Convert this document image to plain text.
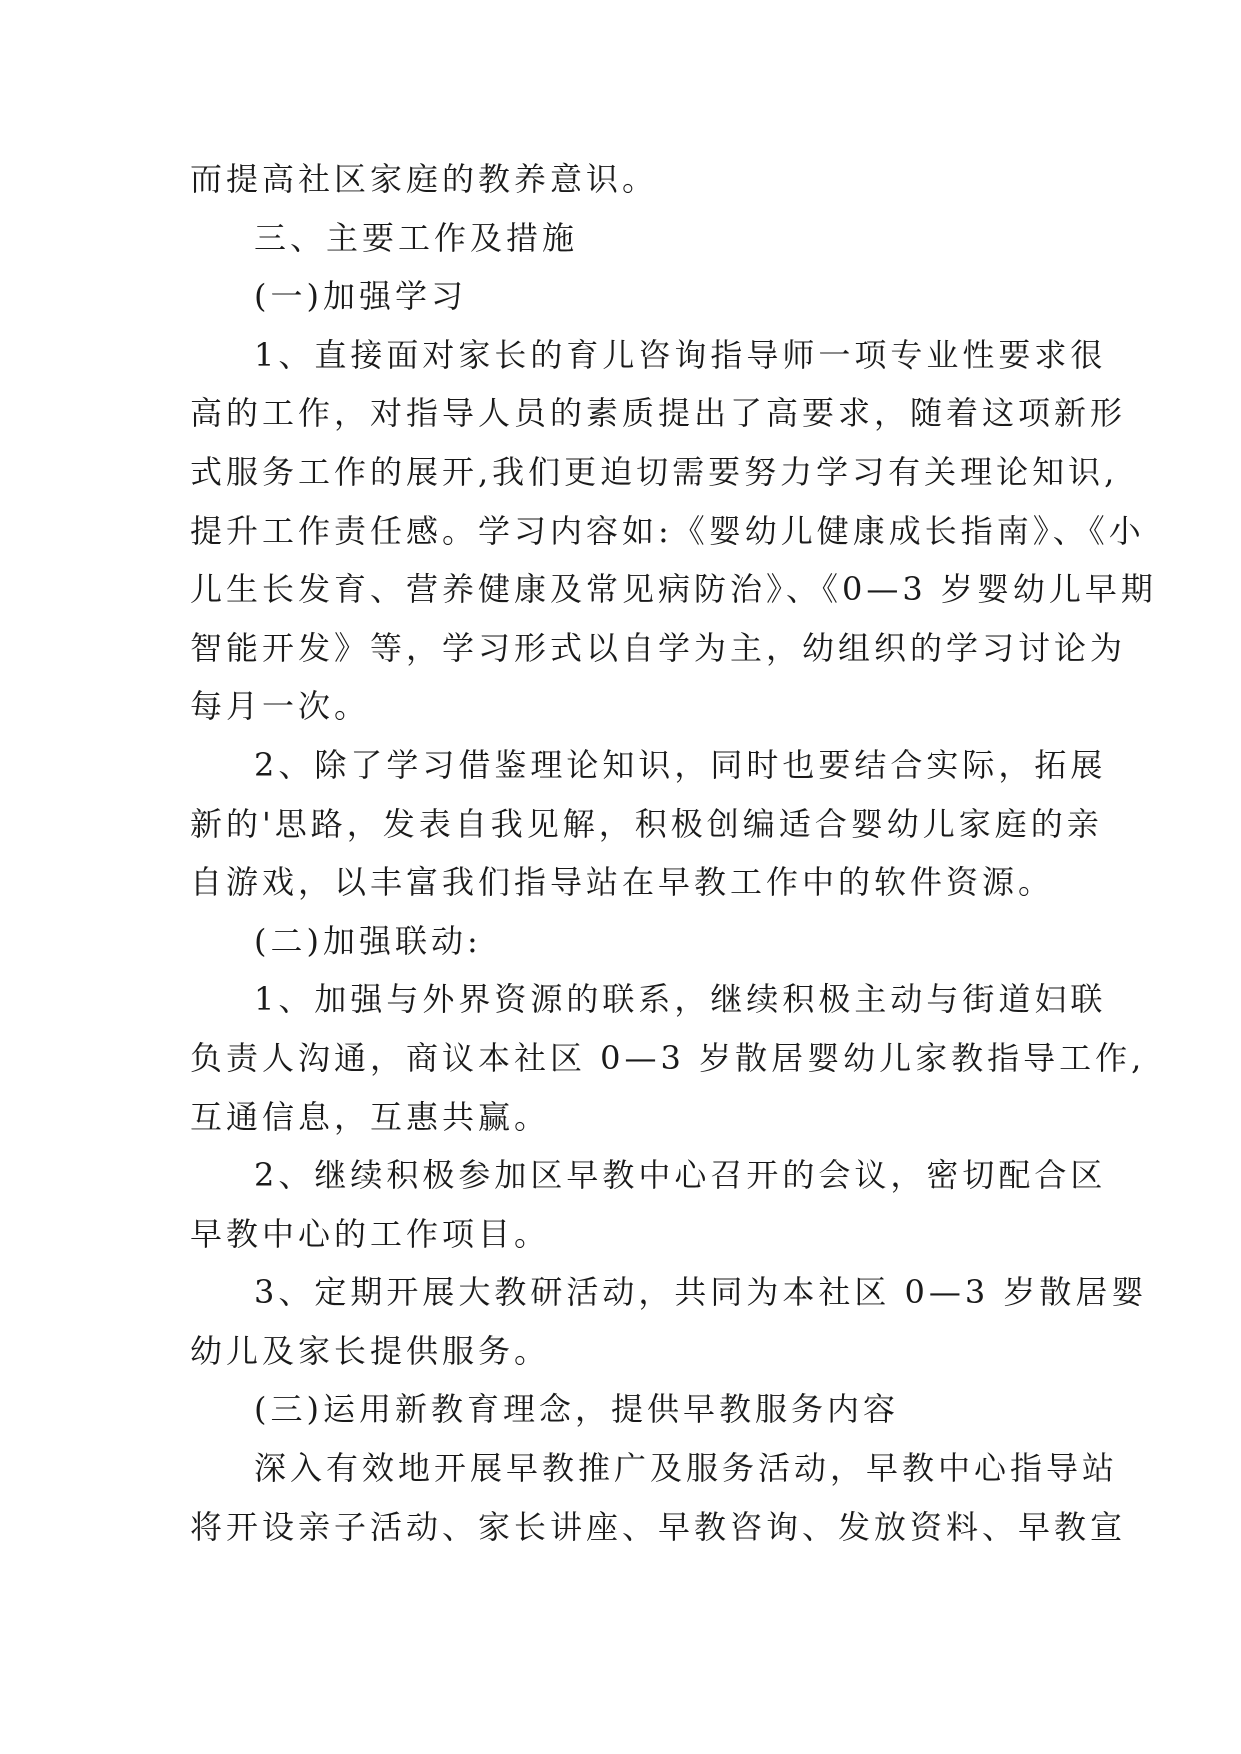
而提高社区家庭的教养意识。
三、主要工作及措施
(一)加强学习
1、直接面对家长的育儿咨询指导师一项专业性要求很
高的工作，对指导人员的素质提出了高要求，随着这项新形
式服务工作的展开,我们更迫切需要努力学习有关理论知识,
提升工作责任感。学习内容如:《婴幼儿健康成长指南》、《小
儿生长发育、营养健康及常见病防治》、《0—3 岁婴幼儿早期
智能开发》等，学习形式以自学为主，幼组织的学习讨论为
每月一次。
2、除了学习借鉴理论知识，同时也要结合实际，拓展
新的'思路，发表自我见解，积极创编适合婴幼儿家庭的亲
自游戏，以丰富我们指导站在早教工作中的软件资源。
(二)加强联动:
1、加强与外界资源的联系，继续积极主动与街道妇联
负责人沟通，商议本社区 0—3 岁散居婴幼儿家教指导工作,
互通信息，互惠共赢。
2、继续积极参加区早教中心召开的会议，密切配合区
早教中心的工作项目。
3、定期开展大教研活动，共同为本社区 0—3 岁散居婴
幼儿及家长提供服务。
(三)运用新教育理念，提供早教服务内容
深入有效地开展早教推广及服务活动，早教中心指导站
将开设亲子活动、家长讲座、早教咨询、发放资料、早教宣
